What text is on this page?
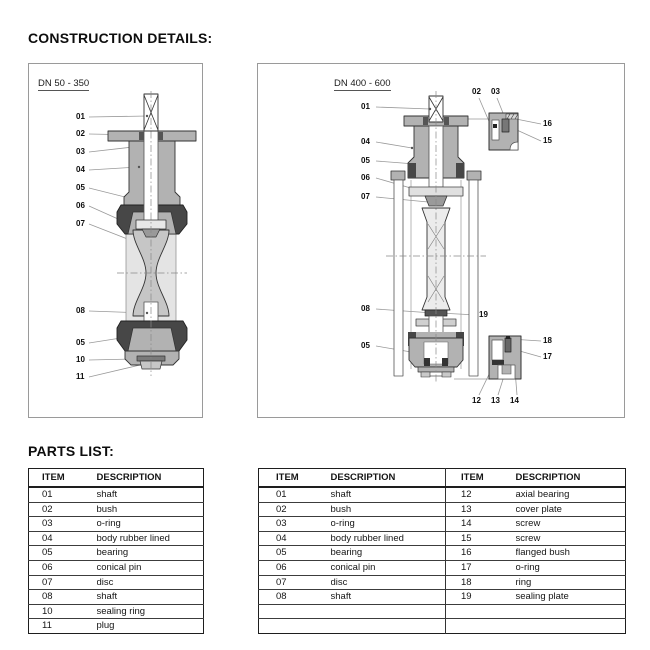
CONSTRUCTION DETAILS:
PARTS LIST:
DN 50 - 350
01
02
03
04
05
06
07
08
05
10
11
DN 400 - 600
01
04
05
06
07
08
05
02 03
16
15
19
18
17
12 13 14
ITEM	DESCRIPTION
01	shaft
02	bush
03	o-ring
04	body rubber lined
05	bearing
06	conical pin
07	disc
08	shaft
10	sealing ring
11	plug
ITEM	DESCRIPTION	ITEM	DESCRIPTION
01	shaft	12	axial bearing
02	bush	13	cover plate
03	o-ring	14	screw
04	body rubber lined	15	screw
05	bearing	16	flanged bush
06	conical pin	17	o-ring
07	disc	18	ring
08	shaft	19	sealing plate
